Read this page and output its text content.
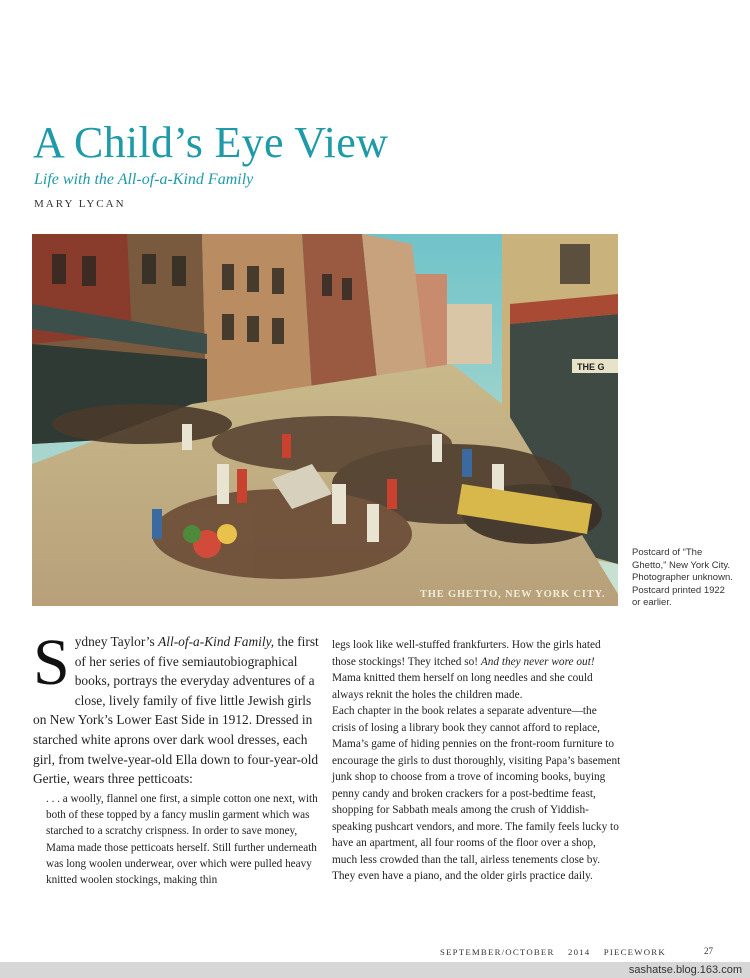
A Child’s Eye View
Life with the All-of-a-Kind Family
MARY LYCAN
THE G
THE GHETTO, NEW YORK CITY.
Postcard of “The
Ghetto,” New York City.
Photographer unknown.
Postcard printed 1922
or earlier.

Sydney Taylor’s All-of-a-Kind Family, the first of her series of five semiautobiographical books, portrays the everyday adventures of a close, lively family of five little Jewish girls on New York’s Lower East Side in 1912. Dressed in starched white aprons over dark wool dresses, each girl, from twelve-year-old Ella down to four-year-old Gertie, wears three petticoats:

. . . a woolly, flannel one first, a simple cotton one next, with both of these topped by a fancy muslin garment which was starched to a scratchy crispness. In order to save money, Mama made those petticoats herself. Still further underneath was long woolen underwear, over which were pulled heavy knitted woolen stockings, making thin

legs look like well-stuffed frankfurters. How the girls hated those stockings! They itched so! And they never wore out! Mama knitted them herself on long needles and she could always reknit the holes the children made.

Each chapter in the book relates a separate adventure—the crisis of losing a library book they cannot afford to replace, Mama’s game of hiding pennies on the front-room furniture to encourage the girls to dust thoroughly, visiting Papa’s basement junk shop to choose from a trove of incoming books, buying penny candy and broken crackers for a post-bedtime feast, shopping for Sabbath meals among the crush of Yiddish-speaking pushcart vendors, and more. The family feels lucky to have an apartment, all four rooms of the floor over a shop, much less crowded than the tall, airless tenements close by. They even have a piano, and the older girls practice daily.

SEPTEMBER/OCTOBER 2014 PIECEWORK	27
sashatse.blog.163.com
